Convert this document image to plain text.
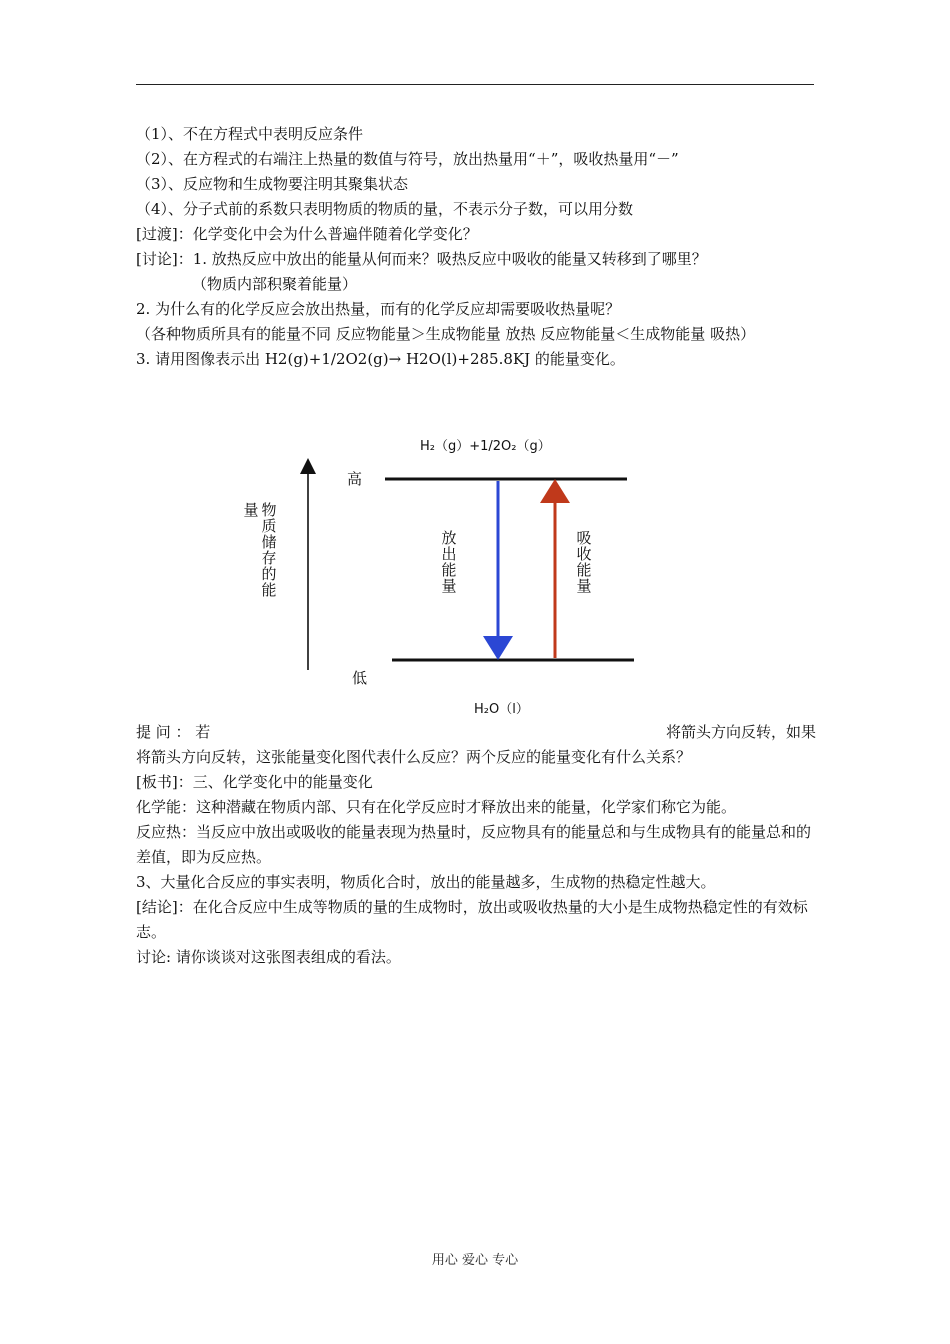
（1）、不在方程式中表明反应条件

（2）、在方程式的右端注上热量的数值与符号，放出热量用“＋”，吸收热量用“－”

（3）、反应物和生成物要注明其聚集状态

（4）、分子式前的系数只表明物质的物质的量，不表示分子数，可以用分数

[过渡]：化学变化中会为什么普遍伴随着化学变化？

[讨论]：1. 放热反应中放出的能量从何而来？吸热反应中吸收的能量又转移到了哪里？

（物质内部积聚着能量）

2. 为什么有的化学反应会放出热量，而有的化学反应却需要吸收热量呢？

（各种物质所具有的能量不同 反应物能量＞生成物能量 放热 反应物能量＜生成物能量 吸热）

3. 请用图像表示出 H2(g)+1/2O2(g)→ H2O(l)+285.8KJ 的能量变化。

H₂（g）+1/2O₂（g）
高
低
量 物质储存的能
放出能量
吸收能量
H₂O（l）

提 问 ： 若	将箭头方向反转，如果

将箭头方向反转，这张能量变化图代表什么反应？两个反应的能量变化有什么关系？

[板书]：三、化学变化中的能量变化

化学能：这种潜藏在物质内部、只有在化学反应时才释放出来的能量，化学家们称它为能。

反应热：当反应中放出或吸收的能量表现为热量时，反应物具有的能量总和与生成物具有的能量总和的差值，即为反应热。

3、大量化合反应的事实表明，物质化合时，放出的能量越多，生成物的热稳定性越大。

[结论]：在化合反应中生成等物质的量的生成物时，放出或吸收热量的大小是生成物热稳定性的有效标志。

讨论: 请你谈谈对这张图表组成的看法。

用心 爱心 专心
